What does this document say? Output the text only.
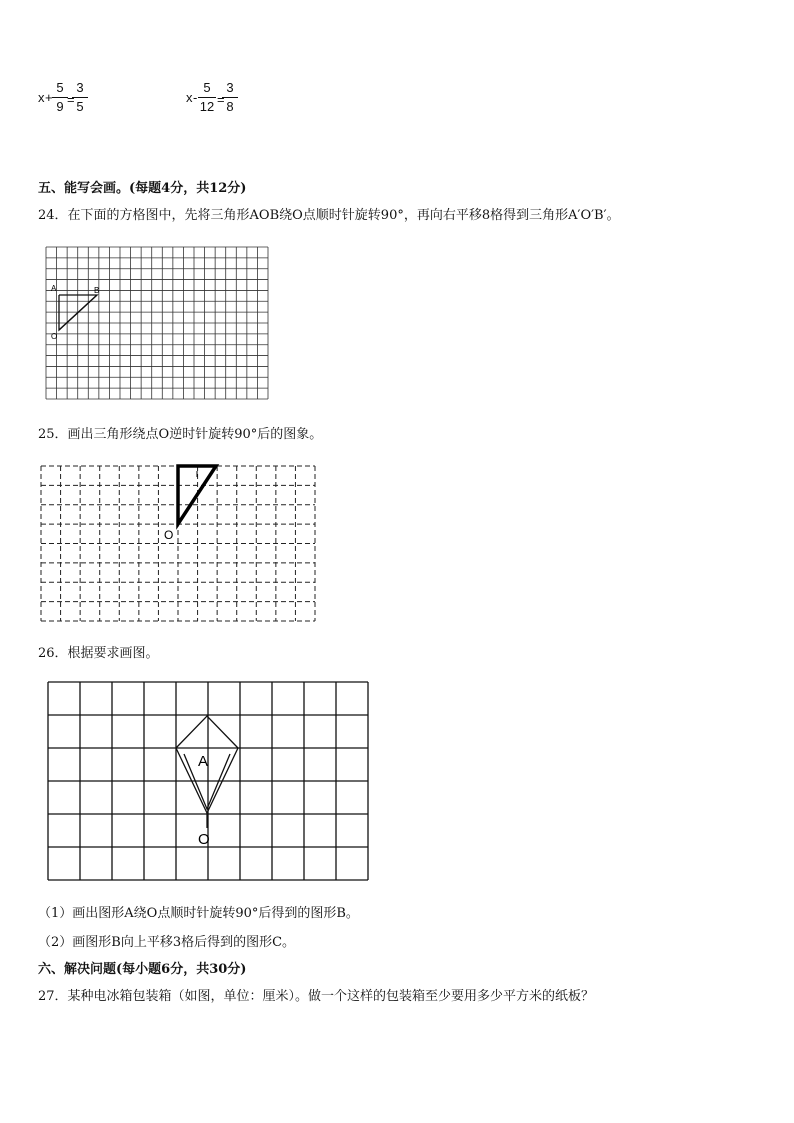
x +
5
9 =
3
5
x -
5
12 =
3
8
五、能写会画。(每题4分，共12分)
24．在下面的方格图中，先将三角形AOB绕O点顺时针旋转90°，再向右平移8格得到三角形A′O′B′。
A	B
O
25．画出三角形绕点O逆时针旋转90°后的图象。
O
26．根据要求画图。
A
O
（1）画出图形A绕O点顺时针旋转90°后得到的图形B。
（2）画图形B向上平移3格后得到的图形C。
六、解决问题(每小题6分，共30分)
27．某种电冰箱包装箱（如图，单位：厘米）。做一个这样的包装箱至少要用多少平方米的纸板？
